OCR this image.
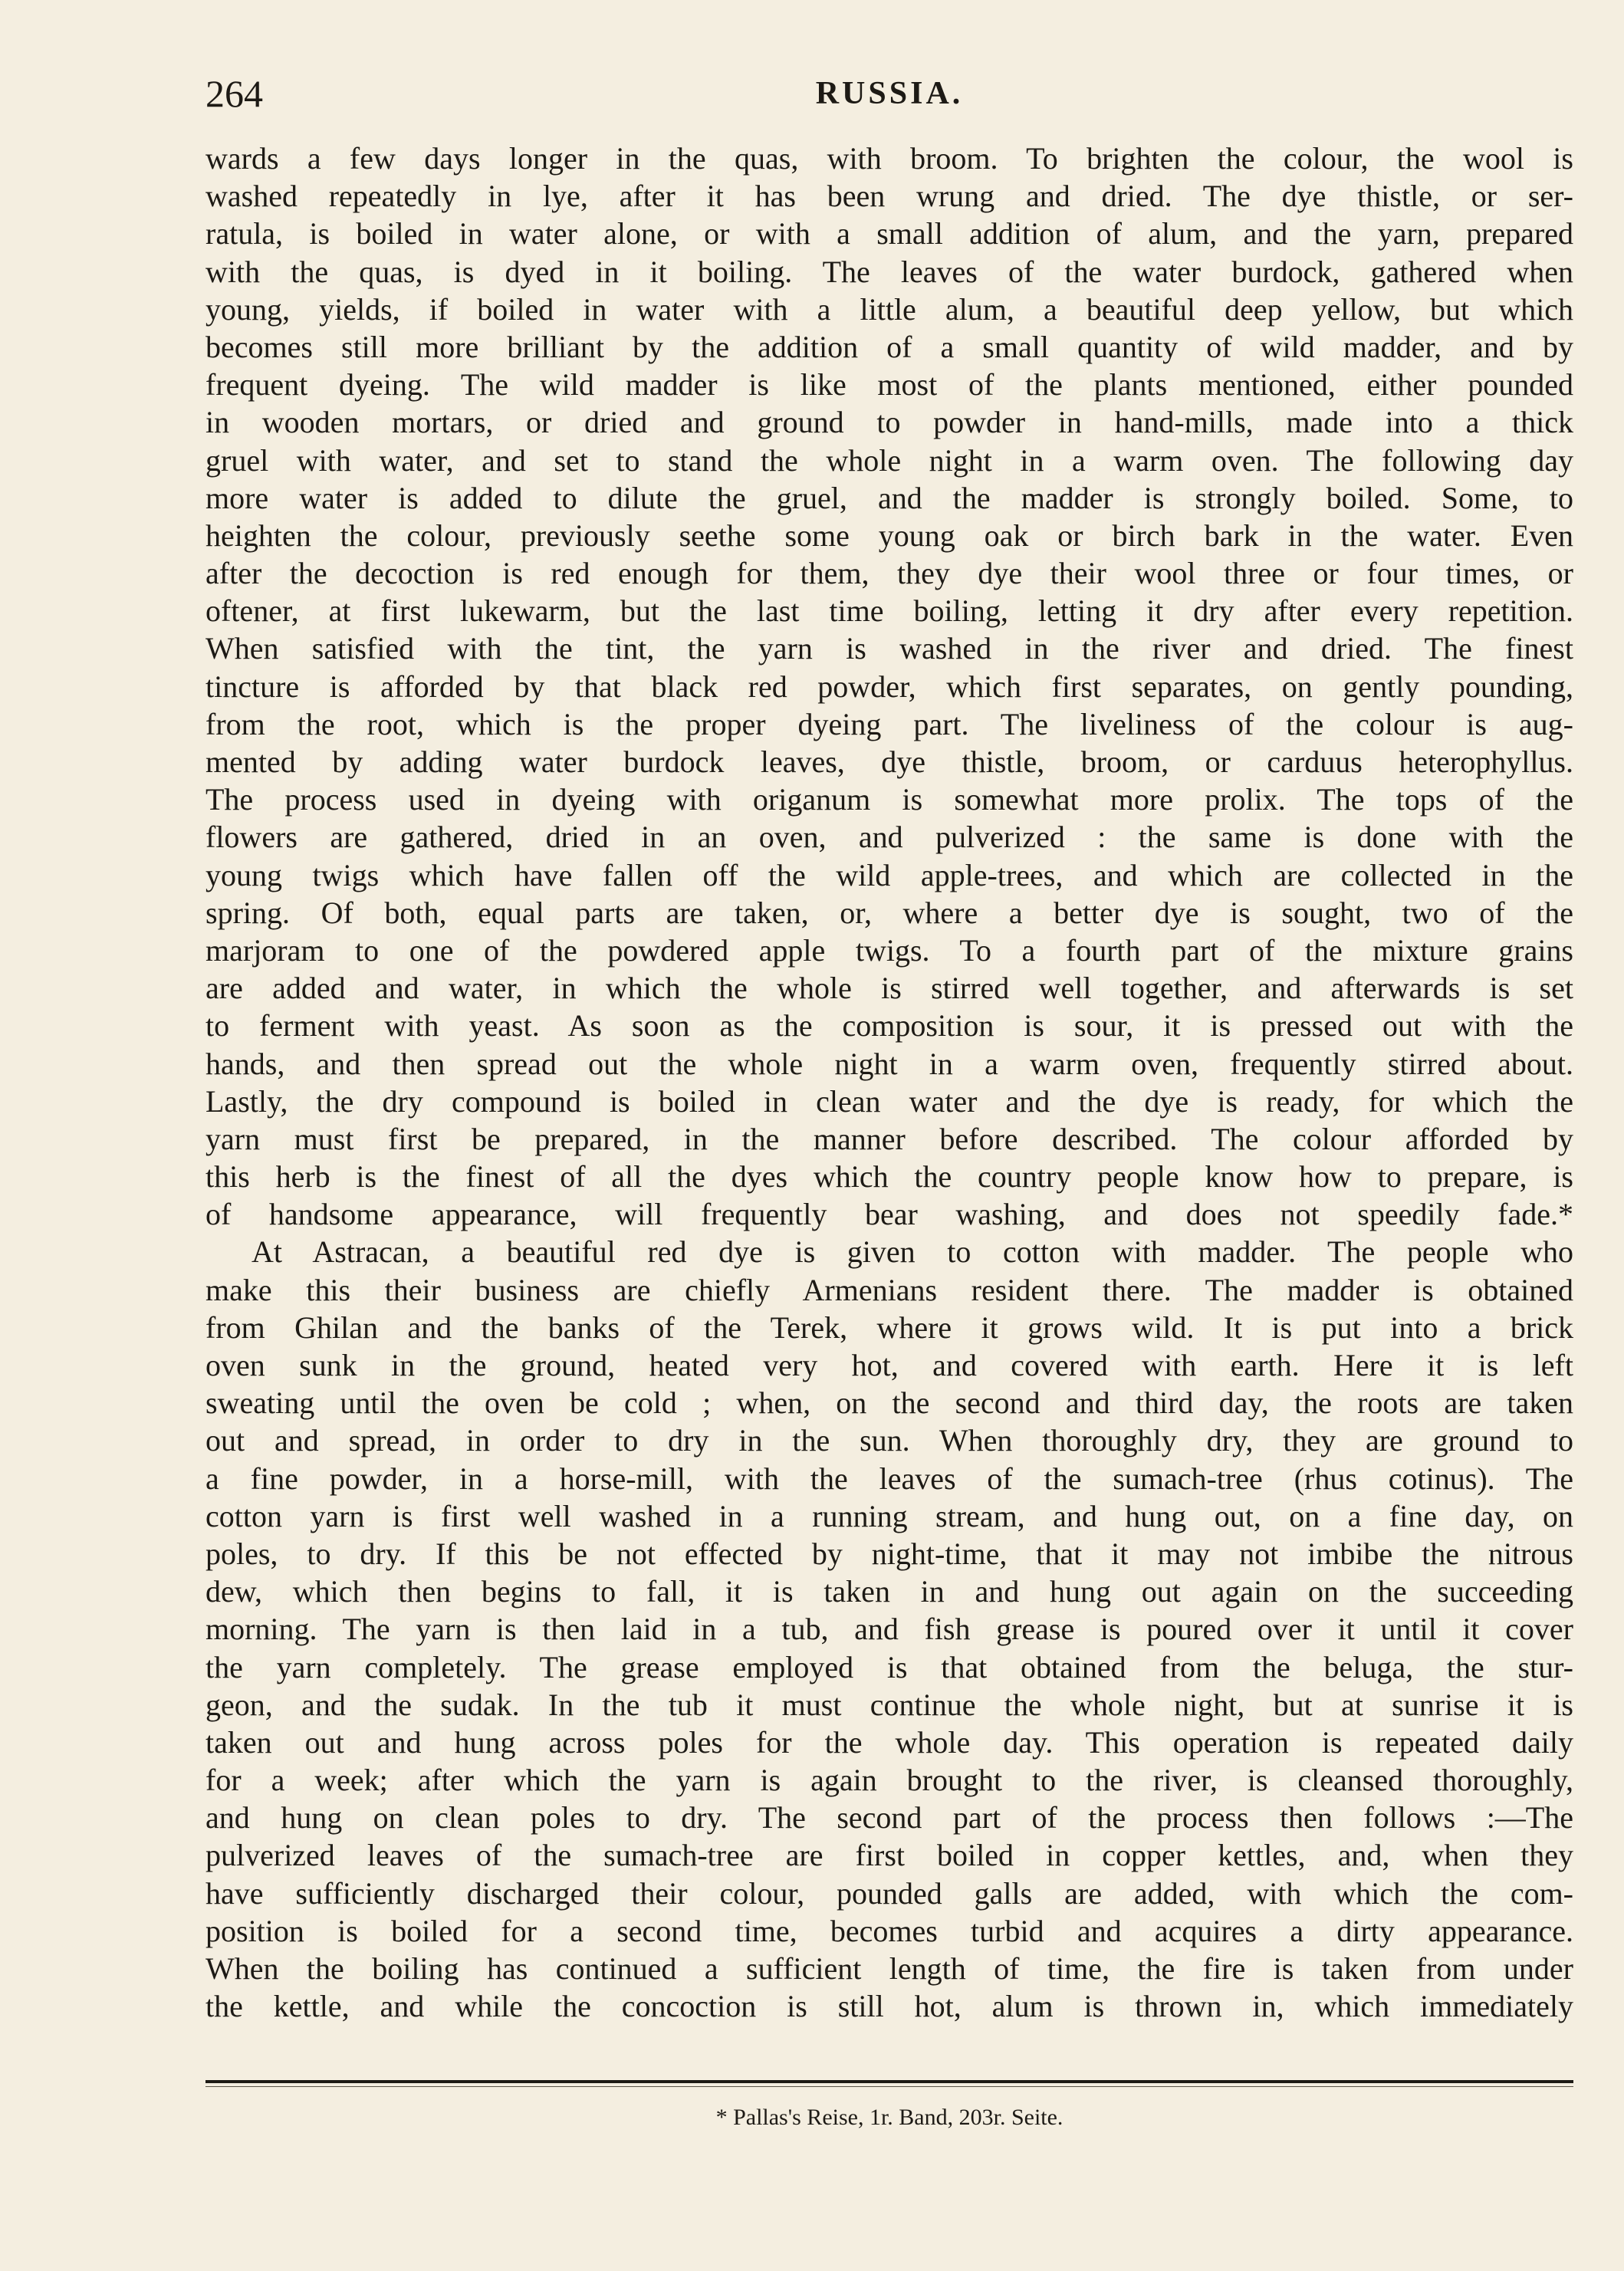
264	RUSSIA.
wards a few days longer in the quas, with broom. To brighten the colour, the wool is
washed repeatedly in lye, after it has been wrung and dried. The dye thistle, or ser-
ratula, is boiled in water alone, or with a small addition of alum, and the yarn, prepared
with the quas, is dyed in it boiling. The leaves of the water burdock, gathered when
young, yields, if boiled in water with a little alum, a beautiful deep yellow, but which
becomes still more brilliant by the addition of a small quantity of wild madder, and by
frequent dyeing. The wild madder is like most of the plants mentioned, either pounded
in wooden mortars, or dried and ground to powder in hand-mills, made into a thick
gruel with water, and set to stand the whole night in a warm oven. The following day
more water is added to dilute the gruel, and the madder is strongly boiled. Some, to
heighten the colour, previously seethe some young oak or birch bark in the water. Even
after the decoction is red enough for them, they dye their wool three or four times, or
oftener, at first lukewarm, but the last time boiling, letting it dry after every repetition.
When satisfied with the tint, the yarn is washed in the river and dried. The finest
tincture is afforded by that black red powder, which first separates, on gently pounding,
from the root, which is the proper dyeing part. The liveliness of the colour is aug-
mented by adding water burdock leaves, dye thistle, broom, or carduus heterophyllus.
The process used in dyeing with origanum is somewhat more prolix. The tops of the
flowers are gathered, dried in an oven, and pulverized : the same is done with the
young twigs which have fallen off the wild apple-trees, and which are collected in the
spring. Of both, equal parts are taken, or, where a better dye is sought, two of the
marjoram to one of the powdered apple twigs. To a fourth part of the mixture grains
are added and water, in which the whole is stirred well together, and afterwards is set
to ferment with yeast. As soon as the composition is sour, it is pressed out with the
hands, and then spread out the whole night in a warm oven, frequently stirred about.
Lastly, the dry compound is boiled in clean water and the dye is ready, for which the
yarn must first be prepared, in the manner before described. The colour afforded by
this herb is the finest of all the dyes which the country people know how to prepare, is
of handsome appearance, will frequently bear washing, and does not speedily fade.*
At Astracan, a beautiful red dye is given to cotton with madder. The people who
make this their business are chiefly Armenians resident there. The madder is obtained
from Ghilan and the banks of the Terek, where it grows wild. It is put into a brick
oven sunk in the ground, heated very hot, and covered with earth. Here it is left
sweating until the oven be cold ; when, on the second and third day, the roots are taken
out and spread, in order to dry in the sun. When thoroughly dry, they are ground to
a fine powder, in a horse-mill, with the leaves of the sumach-tree (rhus cotinus). The
cotton yarn is first well washed in a running stream, and hung out, on a fine day, on
poles, to dry. If this be not effected by night-time, that it may not imbibe the nitrous
dew, which then begins to fall, it is taken in and hung out again on the succeeding
morning. The yarn is then laid in a tub, and fish grease is poured over it until it cover
the yarn completely. The grease employed is that obtained from the beluga, the stur-
geon, and the sudak. In the tub it must continue the whole night, but at sunrise it is
taken out and hung across poles for the whole day. This operation is repeated daily
for a week; after which the yarn is again brought to the river, is cleansed thoroughly,
and hung on clean poles to dry. The second part of the process then follows :—The
pulverized leaves of the sumach-tree are first boiled in copper kettles, and, when they
have sufficiently discharged their colour, pounded galls are added, with which the com-
position is boiled for a second time, becomes turbid and acquires a dirty appearance.
When the boiling has continued a sufficient length of time, the fire is taken from under
the kettle, and while the concoction is still hot, alum is thrown in, which immediately
* Pallas's Reise, 1r. Band, 203r. Seite.
